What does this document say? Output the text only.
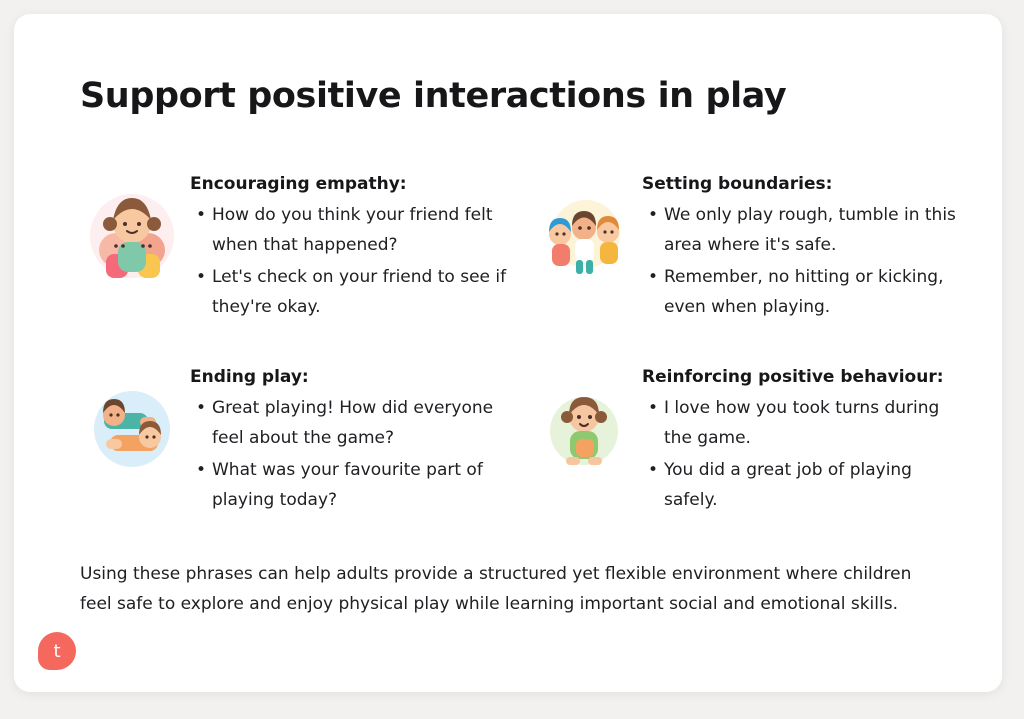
Support positive interactions in play

Encouraging empathy:

• How do you think your friend felt when that happened?
• Let's check on your friend to see if they're okay.

Setting boundaries:

• We only play rough, tumble in this area where it's safe.
• Remember, no hitting or kicking, even when playing.

Ending play:

• Great playing! How did everyone feel about the game?
• What was your favourite part of playing today?

Reinforcing positive behaviour:

• I love how you took turns during the game.
• You did a great job of playing safely.

Using these phrases can help adults provide a structured yet flexible environment where children feel safe to explore and enjoy physical play while learning important social and emotional skills.

t
